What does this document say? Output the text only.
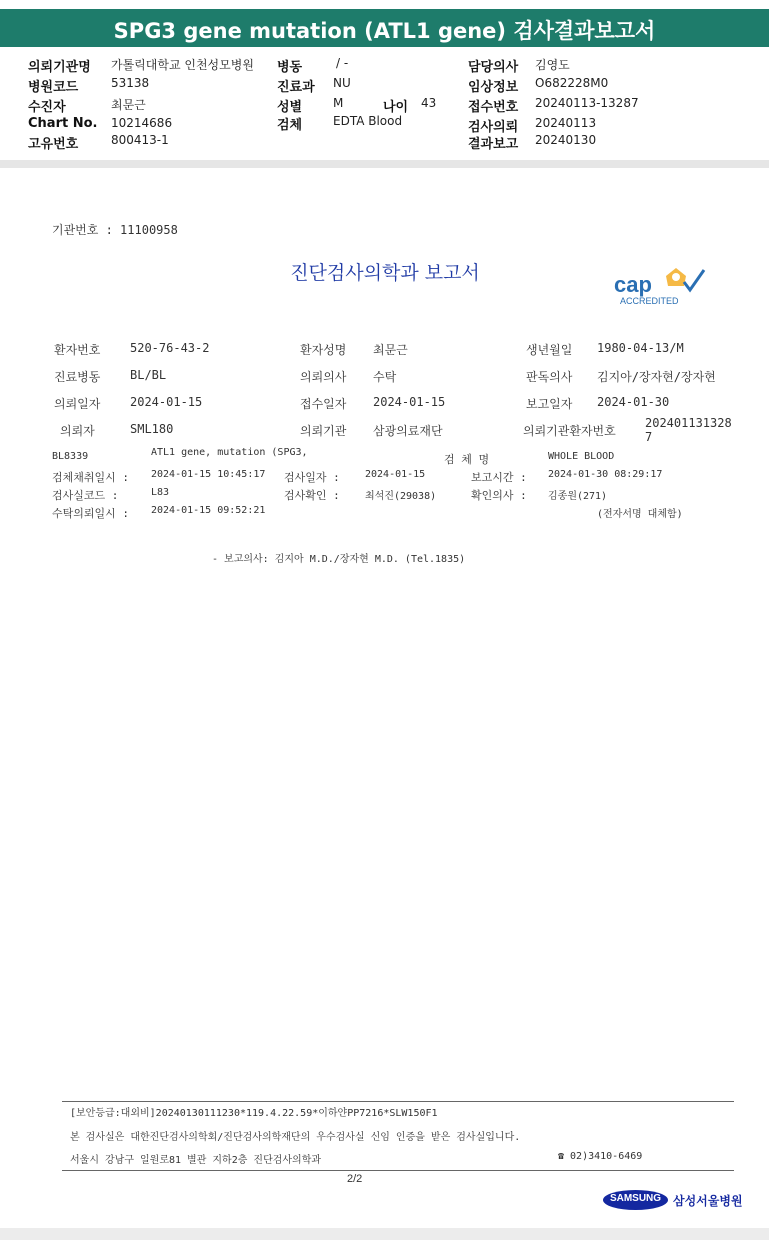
SPG3 gene mutation (ATL1 gene) 검사결과보고서
의뢰기관명 가톨릭대학교 인천성모병원 병동	/ -	담당의사 김영도
병원코드	53138	진료과 NU	임상정보 O682228M0
수진자	최문근	성별	M	나이 43 접수번호 20240113-13287
Chart No. 10214686	검체	EDTA Blood	검사의뢰 20240113
고유번호	800413-1	결과보고 20240130
기관번호 : 11100958
진단검사의학과 보고서	cap
ACCREDITED
환자번호 520-76-43-2	환자성명 최문근	생년월일 1980-04-13/M
진료병동 BL/BL	의뢰의사 수탁	판독의사 김지아/장자현/장자현
의뢰일자 2024-01-15	접수일자 2024-01-15	보고일자 2024-01-30
의뢰자	SML180	의뢰기관 삼광의료재단	의뢰기관환자번호
202401131328
7
BL8339	ATL1 gene, mutation (SPG3,
검 체 명	WHOLE BLOOD
검체채취일시 : 2024-01-15 10:45:17 검사일자 :	2024-01-15	보고시간 : 2024-01-30 08:29:17
검사실코드 :	L83	검사확인 :	최석진(29038)	확인의사 : 김종원(271)
수탁의뢰일시 : 2024-01-15 09:52:21	(전자서명 대체함)
- 보고의사: 김지아 M.D./장자현 M.D. (Tel.1835)
[보안등급:대외비]20240130111230*119.4.22.59*이하얀PP7216*SLW150F1
본 검사실은 대한진단검사의학회/진단검사의학재단의 우수검사실 신임 인증을 받은 검사실입니다.
서울시 강남구 일원로81 별관 지하2층 진단검사의학과	☎ 02)3410-6469
2/2
SAMSUNG 삼성서울병원
